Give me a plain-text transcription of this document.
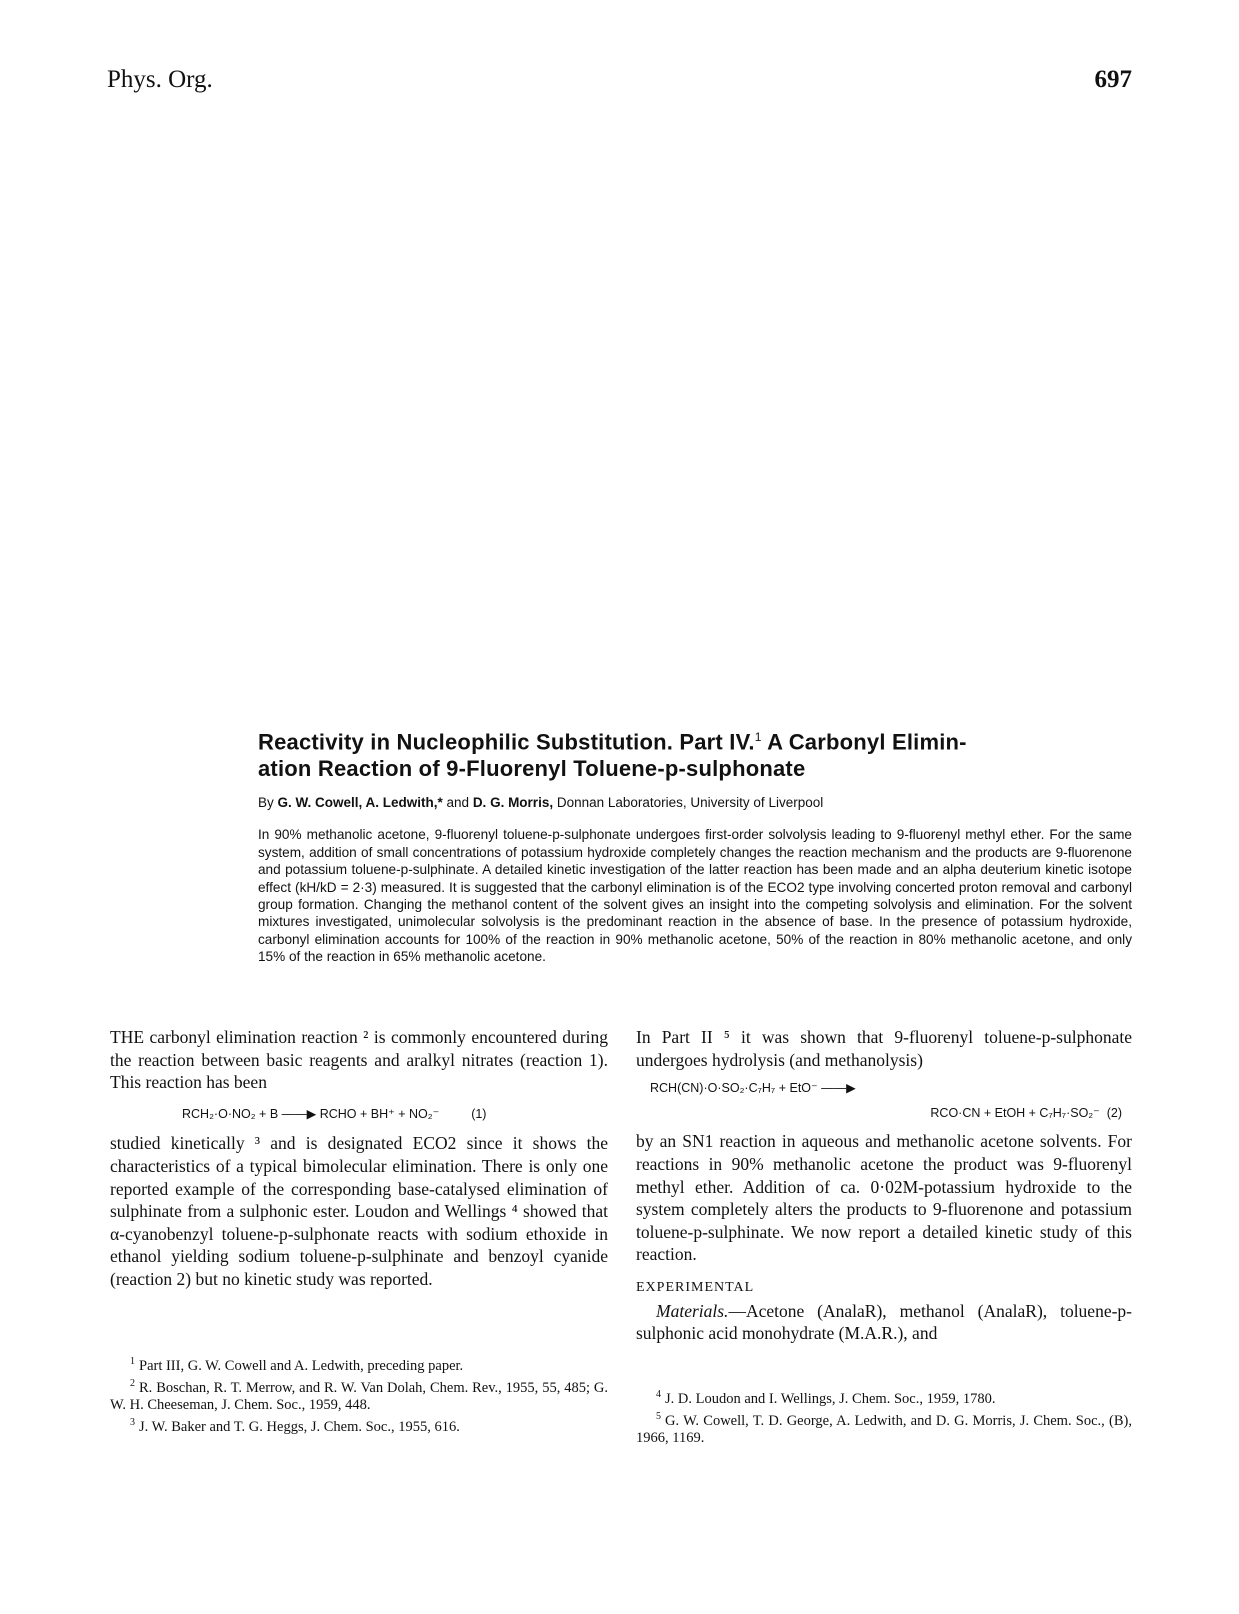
Phys. Org.	697
Reactivity in Nucleophilic Substitution. Part IV.$^1$ A Carbonyl Elimin-
ation Reaction of 9-Fluorenyl Toluene-p-sulphonate
By G. W. Cowell, A. Ledwith,* and D. G. Morris, Donnan Laboratories, University of Liverpool
In 90% methanolic acetone, 9-fluorenyl toluene-p-sulphonate undergoes first-order solvolysis leading to 9-fluorenyl methyl ether. For the same system, addition of small concentrations of potassium hydroxide completely changes the reaction mechanism and the products are 9-fluorenone and potassium toluene-p-sulphinate. A detailed kinetic investigation of the latter reaction has been made and an alpha deuterium kinetic isotope effect (kH/kD = 2·3) measured. It is suggested that the carbonyl elimination is of the ECO2 type involving concerted proton removal and carbonyl group formation. Changing the methanol content of the solvent gives an insight into the competing solvolysis and elimination. For the solvent mixtures investigated, unimolecular solvolysis is the predominant reaction in the absence of base. In the presence of potassium hydroxide, carbonyl elimination accounts for 100% of the reaction in 90% methanolic acetone, 50% of the reaction in 80% methanolic acetone, and only 15% of the reaction in 65% methanolic acetone.
THE carbonyl elimination reaction ² is commonly encountered during the reaction between basic reagents and aralkyl nitrates (reaction 1). This reaction has been
RCH₂·O·NO₂ + B ——▶ RCHO + BH⁺ + NO₂⁻	(1)
studied kinetically ³ and is designated ECO2 since it shows the characteristics of a typical bimolecular elimination. There is only one reported example of the corresponding base-catalysed elimination of sulphinate from a sulphonic ester. Loudon and Wellings ⁴ showed that α-cyanobenzyl toluene-p-sulphonate reacts with sodium ethoxide in ethanol yielding sodium toluene-p-sulphinate and benzoyl cyanide (reaction 2) but no kinetic study was reported.
In Part II ⁵ it was shown that 9-fluorenyl toluene-p-sulphonate undergoes hydrolysis (and methanolysis)
RCH(CN)·O·SO₂·C₇H₇ + EtO⁻ ——▶
RCO·CN + EtOH + C₇H₇·SO₂⁻ (2)
by an SN1 reaction in aqueous and methanolic acetone solvents. For reactions in 90% methanolic acetone the product was 9-fluorenyl methyl ether. Addition of ca. 0·02M-potassium hydroxide to the system completely alters the products to 9-fluorenone and potassium toluene-p-sulphinate. We now report a detailed kinetic study of this reaction.
EXPERIMENTAL
Materials.—Acetone (AnalaR), methanol (AnalaR), toluene-p-sulphonic acid monohydrate (M.A.R.), and

$^1$ Part III, G. W. Cowell and A. Ledwith, preceding paper.

$^2$ R. Boschan, R. T. Merrow, and R. W. Van Dolah, Chem. Rev., 1955, 55, 485; G. W. H. Cheeseman, J. Chem. Soc., 1959, 448.

$^3$ J. W. Baker and T. G. Heggs, J. Chem. Soc., 1955, 616.

$^4$ J. D. Loudon and I. Wellings, J. Chem. Soc., 1959, 1780.

$^5$ G. W. Cowell, T. D. George, A. Ledwith, and D. G. Morris, J. Chem. Soc., (B), 1966, 1169.
